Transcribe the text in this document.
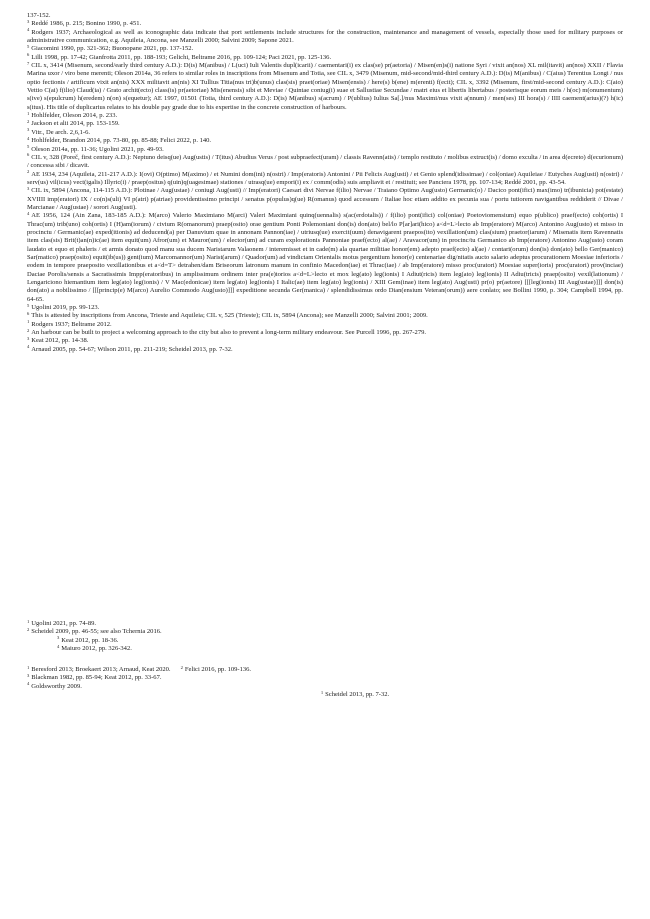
137-152.

$^3$ Reddé 1986, p. 215; Bonino 1990, p. 451.

$^4$ Rodgers 1937; Archaeological as well as iconographic data indicate that port settlements include structures for the construction, maintenance and management of vessels, especially those used for military purposes or administrative communication, e.g. Aquileia, Ancona, see Manzelli 2000; Salvini 2009; Sapone 2021.

$^5$ Giacomini 1990, pp. 321-362; Buonopane 2021, pp. 137-152.

$^6$ Lilli 1998, pp. 17-42; Gianfrotta 2011, pp. 188-193; Gelichi, Beltrame 2016, pp. 109-124; Paci 2021, pp. 125-136.

$^7$ CIL x, 3414 (Misenum, second/early third century A.D.): D(is) M(anibus) / L(uci) Iuli Valentis dupl(icarii) / caementari(i) ex clas(se) pr(aetoria) / Misen(en)s(i) natione Syri / vixit an(nos) XL mil(itavit) an(nos) XXII / Flavia Marina uxor / viro bene merenti; Oleson 2014a, 36 refers to similar roles in inscriptions from Misenum and Totia, see CIL x, 3479 (Misenum, mid-second/mid-third century A.D.): D(is) M(anibus) / C(aius) Terentius Longi / nus optio fectionis / artificum vixit an(nis) XXX militavit an(nis) XI Tullius Titia(nus tri)b(unus) clas(sis) praet(oriae) Misen(ensis) / here(s) b(ene) m(erenti) f(ecit); CIL x, 3392 (Misenum, first/mid-second century A.D.): C(aio) Vettio C(ai) f(ilio) Claud(ia) / Grato archit(ecto) class(is) pr(aetoriae) Mis(enensis) sibi et Meviae / Quintae coniug(i) suae et Sallustiae Secundae / matri eius et libertis libertabus / posterisque eorum meis / h(oc) m(onumentum) s(ive) s(epulcrum) h(eredem) n(on) s(equetur); AE 1997, 01501 (Totia, third century A.D.): D(is) M(anibus) s(acrum) / P(ublius) Iulius Sa[.]/nus Maximi/nus vixit a(nnum) / men(ses) III hora(s) / IIII caement(arius)(?) h(ic) s(itus). His title of duplicarius relates to his double pay grade due to his expertise in the concrete construction of harbours.

$^1$ Hohlfelder, Oleson 2014, p. 233.

$^2$ Jackson et alii 2014, pp. 153-159.

$^3$ Vitr., De arch. 2,6,1-6.

$^4$ Hohlfelder, Brandon 2014, pp. 73-80, pp. 85-88; Felici 2022, p. 140.

$^5$ Oleson 2014a, pp. 11-36; Ugolini 2021, pp. 49-93.

$^6$ CIL v, 328 (Poreč, first century A.D.): Neptuno deisq(ue) Aug(ustis) / T(itus) Abudius Verus / post subpraefect(uram) / classis Ravenn(atis) / templo restituto / molibus extruct(is) / domo exculta / in area d(ecreto) d(ecurionum) / concessa sibi / dicavit.

$^2$ AE 1934, 234 (Aquileia, 211-217 A.D.): I(ovi) O(ptimo) M(aximo) / et Numini dom(ini) n(ostri) / Imp(eratoris) Antonini / Pii Felicis Aug(usti) / et Genio splend(idissimae) / col(oniae) Aquileiae / Eutyches Aug(usti) n(ostri) / serv(us) vil(icus) vect(igalis) Illyric(i) / praep(ositus) q(uin)q(uagesimae) stationes / utrasq(ue) empori(i) ex / comm(odis) suis ampliavit et / restituit; see Panciera 1978, pp. 107-134; Reddé 2001, pp. 43-54.

$^3$ CIL ix, 5894 (Ancona, 114-115 A.D.): Plotinae / Aug(ustae) / coniugi Aug(usti) // Imp(eratori) Caesari divi Nervae f(ilio) Nervae / Traiano Optimo Aug(usto) Germanic(o) / Dacico pont(ifici) max(imo) tr(ibunicia) pot(estate) XVIIII imp(eratori) IX / co(n)s(uli) VI p(atri) p(atriae) providentissimo principi / senatus p(opulus)q(ue) R(omanus) quod accessum / Italiae hoc etiam addito ex pecunia sua / portu tutiorem navigantibus reddiderit // Divae / Marcianae / Aug(ustae) / sorori Aug(usti).

$^4$ AE 1956, 124 (Ain Zana, 183-185 A.D.): M(arco) Valerio Maximiano M(arci) Valeri Maximiani quinq(uennalis) s(ac(erdotalis)) / f(ilio) pont(ifici) col(oniae) Poetoviomensium) equo p(ublico) praef(ecto) coh(ortis) I Thrac(um) trib(uno) coh(ortis) I (H)am(iorum) / civium R(omanorum) praep(osito) orae gentium Ponti Polemoniani don(is) don(ato) bel/lo P[ar]ari(hico) a<d=L>lecto ab Imp(eratore) M(arco) Antonino Aug(usto) et misso in procinctu / Germanic(ae) exped(itionis) ad deducend(a) per Danuvium quae in annonam Pannon(iae) / utriusq(ue) exercit(uum) denavigarent praepos(ito) vexillation(um) clas(sium) praetor(iarum) / Misenatis item Ravennatis item clas(sis) Brit(t)an(n)ic(ae) item equit(um) Afror(um) et Mauror(um) / elector(um) ad curam explorationis Pannoniae praef(ecto) al(ae) / Aravacor(um) in procinc/tu Germanico ab Imp(eratore) Antonino Aug(usto) coram laudato et equo et phaleris / et armis donato quod manu sua ducem Naristarum Valaonem / interemisset et in cade(m) ala quartae militiae honor(em) adepto praef(ecto) al(ae) / contari(orum) don(is) don(ato) bello Ger(manico) Sar(matico) praep(osito) equit(ib(us)) gent(ium) Marcomannor(um) Narist(arum) / Quador(um) ad vindictam Orientalis motus pergentium honor(e) centenariae dig/nitatis aucto salario adeptus procurationem Moesiae inferioris / eodem in tempore praeposito vexillationibus et a<d=T> detrahen/dam Briseorum latronum manum in confinio Macedon(iae) et Thrac(iae) / ab Imp(eratore) misso proc(uratori) Moesiae super(ioris) proc(uratori) prov(inciae) Daciae Porolis/sensis a Sacratissimis Impp(eratoribus) in amplissimum ordinem inter pra(e)torios a<d=L>lecto et mox leg(ato) leg(ionis) I Adiut(ricis) item leg(ato) leg(ionis) II Adiu(tricis) praep(osito) vexil(lationum) / Lengariciono hiemantium item leg(ato) leg(ionis) / V Mac(edonicae) item leg(ato) leg(ionis) I Italic(ae) item leg(ato) leg(ionis) / XIII Gem(inae) item leg(ato) Aug(usti) pr(o) pr(aetore) [[[leg(ionis) III Aug(ustae)]]] don(is) don(ato) a nobilissimo / [[[princip(e) M(arco) Aurelio Commodo Aug(usto)]]] expeditione secunda Ger(manica) / splendidissimus ordo Dian(ensium Veteran(orum)) aere conlato; see Bollini 1990, p. 304; Campbell 1994, pp. 64-65.

$^5$ Ugolini 2019, pp. 99-123.

$^6$ This is attested by inscriptions from Ancona, Trieste and Aquileia; CIL v, 525 (Trieste); CIL ix, 5894 (Ancona); see Manzelli 2000; Salvini 2001; 2009.

$^1$ Rodgers 1937; Beltrame 2012.

$^2$ An harbour can be built to project a welcoming approach to the city but also to prevent a long-term military endeavour. See Purcell 1996, pp. 267-279.

$^3$ Keat 2012, pp. 14-38.

$^4$ Arnaud 2005, pp. 54-67; Wilson 2011, pp. 211-219; Scheidel 2013, pp. 7-32.

$^1$ Ugolini 2021, pp. 74-89.

$^2$ Scheidel 2009, pp. 46-55; see also Tchernia 2016.

$^3$ Keat 2012, pp. 18-36.

$^4$ Maiuro 2012, pp. 326-342.

$^1$ Beresford 2013; Broekaert 2013; Arnaud, Keat 2020. $^2$ Felici 2016, pp. 109-136.

$^3$ Blackman 1982, pp. 85-94; Keat 2012, pp. 33-67.

$^4$ Goldsworthy 2009.

$^1$ Scheidel 2013, pp. 7-32.
